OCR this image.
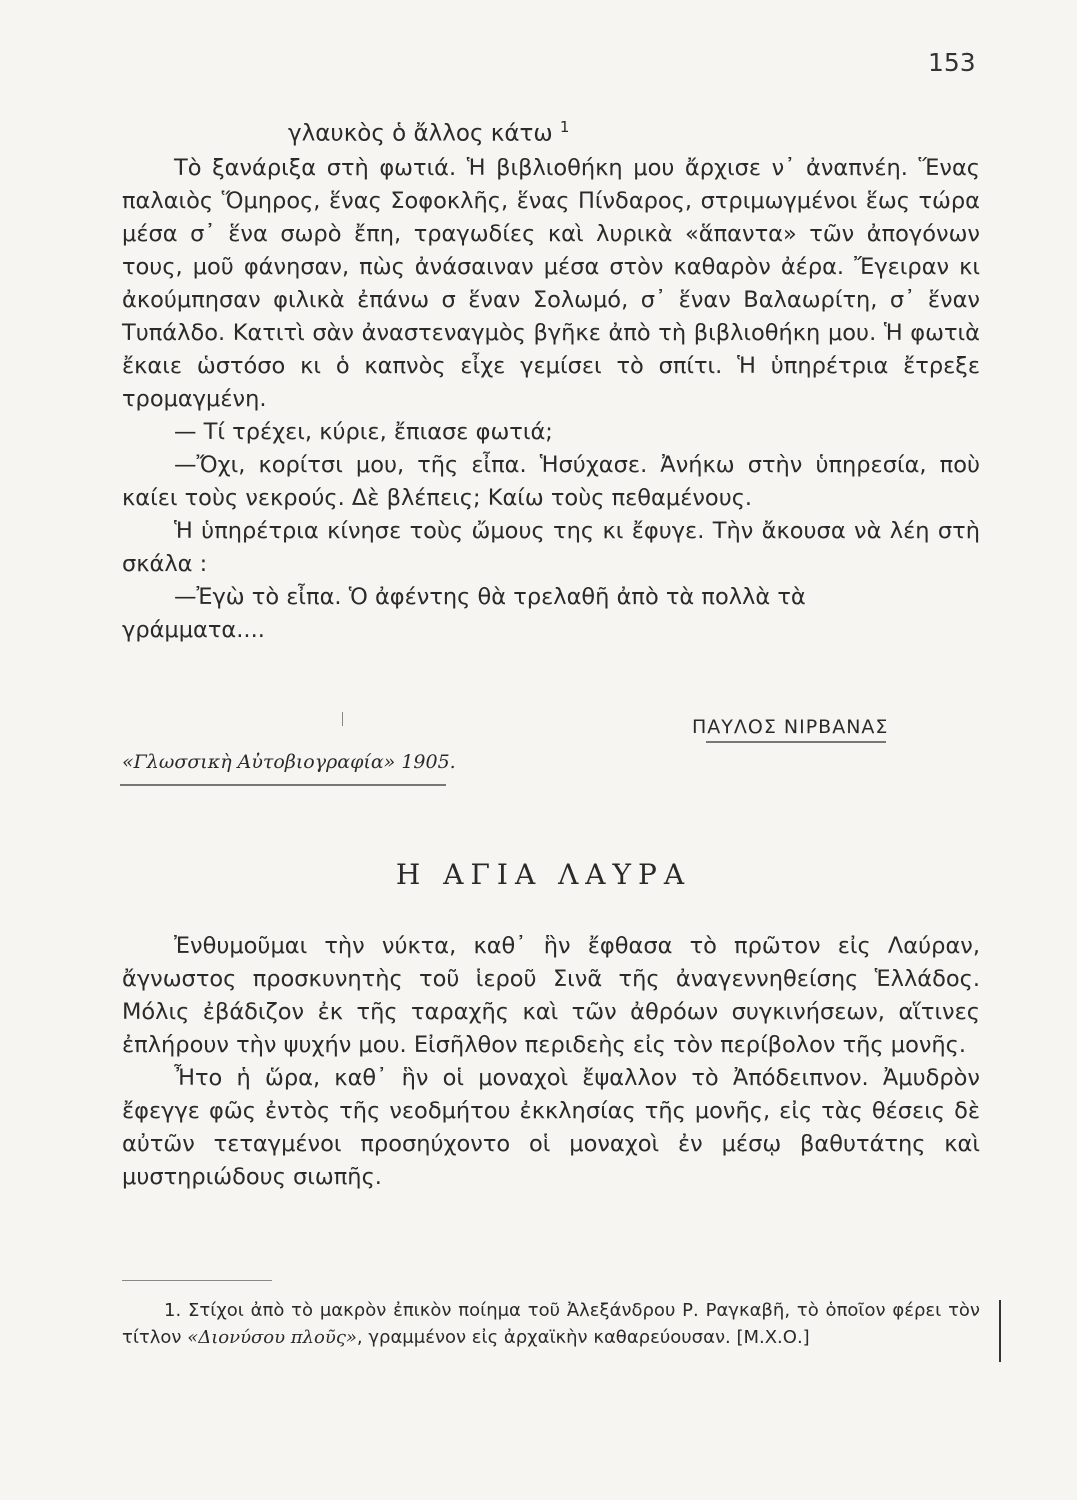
153
γλαυκὸς ὁ ἄλλος κάτω $^1$

Τὸ ξανάριξα στὴ φωτιά. Ἡ βιβλιοθήκη μου ἄρχισε ν᾽ ἀναπνέη. Ἕνας παλαιὸς Ὅμηρος, ἕνας Σοφοκλῆς, ἕνας Πίνδαρος, στριμωγμένοι ἕως τώρα μέσα σ᾽ ἕνα σωρὸ ἔπη, τραγωδίες καὶ λυρικὰ «ἅπαντα» τῶν ἀπογόνων τους, μοῦ φάνησαν, πὼς ἀνάσαιναν μέσα στὸν καθαρὸν ἀέρα. Ἔγειραν κι ἀκούμπησαν φιλικὰ ἐπάνω σ ἕναν Σολωμό, σ᾽ ἕναν Βαλαωρίτη, σ᾽ ἕναν Τυπάλδο. Κατιτὶ σὰν ἀναστεναγμὸς βγῆκε ἀπὸ τὴ βιβλιοθήκη μου. Ἡ φωτιὰ ἔκαιε ὡστόσο κι ὁ καπνὸς εἶχε γεμίσει τὸ σπίτι. Ἡ ὑπηρέτρια ἔτρεξε τρομαγμένη.

— Τί τρέχει, κύριε, ἔπιασε φωτιά;

—Ὄχι, κορίτσι μου, τῆς εἶπα. Ἡσύχασε. Ἀνήκω στὴν ὑπηρεσία, ποὺ καίει τοὺς νεκρούς. Δὲ βλέπεις; Καίω τοὺς πεθαμένους.

Ἡ ὑπηρέτρια κίνησε τοὺς ὤμους της κι ἔφυγε. Τὴν ἄκουσα νὰ λέη στὴ σκάλα :

—Ἐγὼ τὸ εἶπα. Ὁ ἀφέντης θὰ τρελαθῆ ἀπὸ τὰ πολλὰ τὰ

γράμματα....

ΠΑΥΛΟΣ ΝΙΡΒΑΝΑΣ
«Γλωσσικὴ Αὐτοβιογραφία» 1905.
Η ΑΓΙΑ ΛΑΥΡΑ

Ἐνθυμοῦμαι τὴν νύκτα, καθ᾽ ἣν ἔφθασα τὸ πρῶτον εἰς Λαύραν, ἄγνωστος προσκυνητὴς τοῦ ἱεροῦ Σινᾶ τῆς ἀναγεννηθείσης Ἑλλάδος. Μόλις ἐβάδιζον ἐκ τῆς ταραχῆς καὶ τῶν ἀθρόων συγκινήσεων, αἵτινες ἐπλήρουν τὴν ψυχήν μου. Εἰσῆλθον περιδεὴς εἰς τὸν περίβολον τῆς μονῆς.

Ἦτο ἡ ὥρα, καθ᾽ ἣν οἱ μοναχοὶ ἔψαλλον τὸ Ἀπόδειπνον. Ἀμυδρὸν ἔφεγγε φῶς ἐντὸς τῆς νεοδμήτου ἐκκλησίας τῆς μονῆς, εἰς τὰς θέσεις δὲ αὐτῶν τεταγμένοι προσηύχοντο οἱ μοναχοὶ ἐν μέσῳ βαθυτάτης καὶ μυστηριώδους σιωπῆς.

1. Στίχοι ἀπὸ τὸ μακρὸν ἐπικὸν ποίημα τοῦ Ἀλεξάνδρου Ρ. Ραγκαβῆ, τὸ ὁποῖον φέρει τὸν τίτλον «Διονύσου πλοῦς», γραμμένον εἰς ἀρχαϊκὴν καθαρεύουσαν. [Μ.Χ.Ο.]
